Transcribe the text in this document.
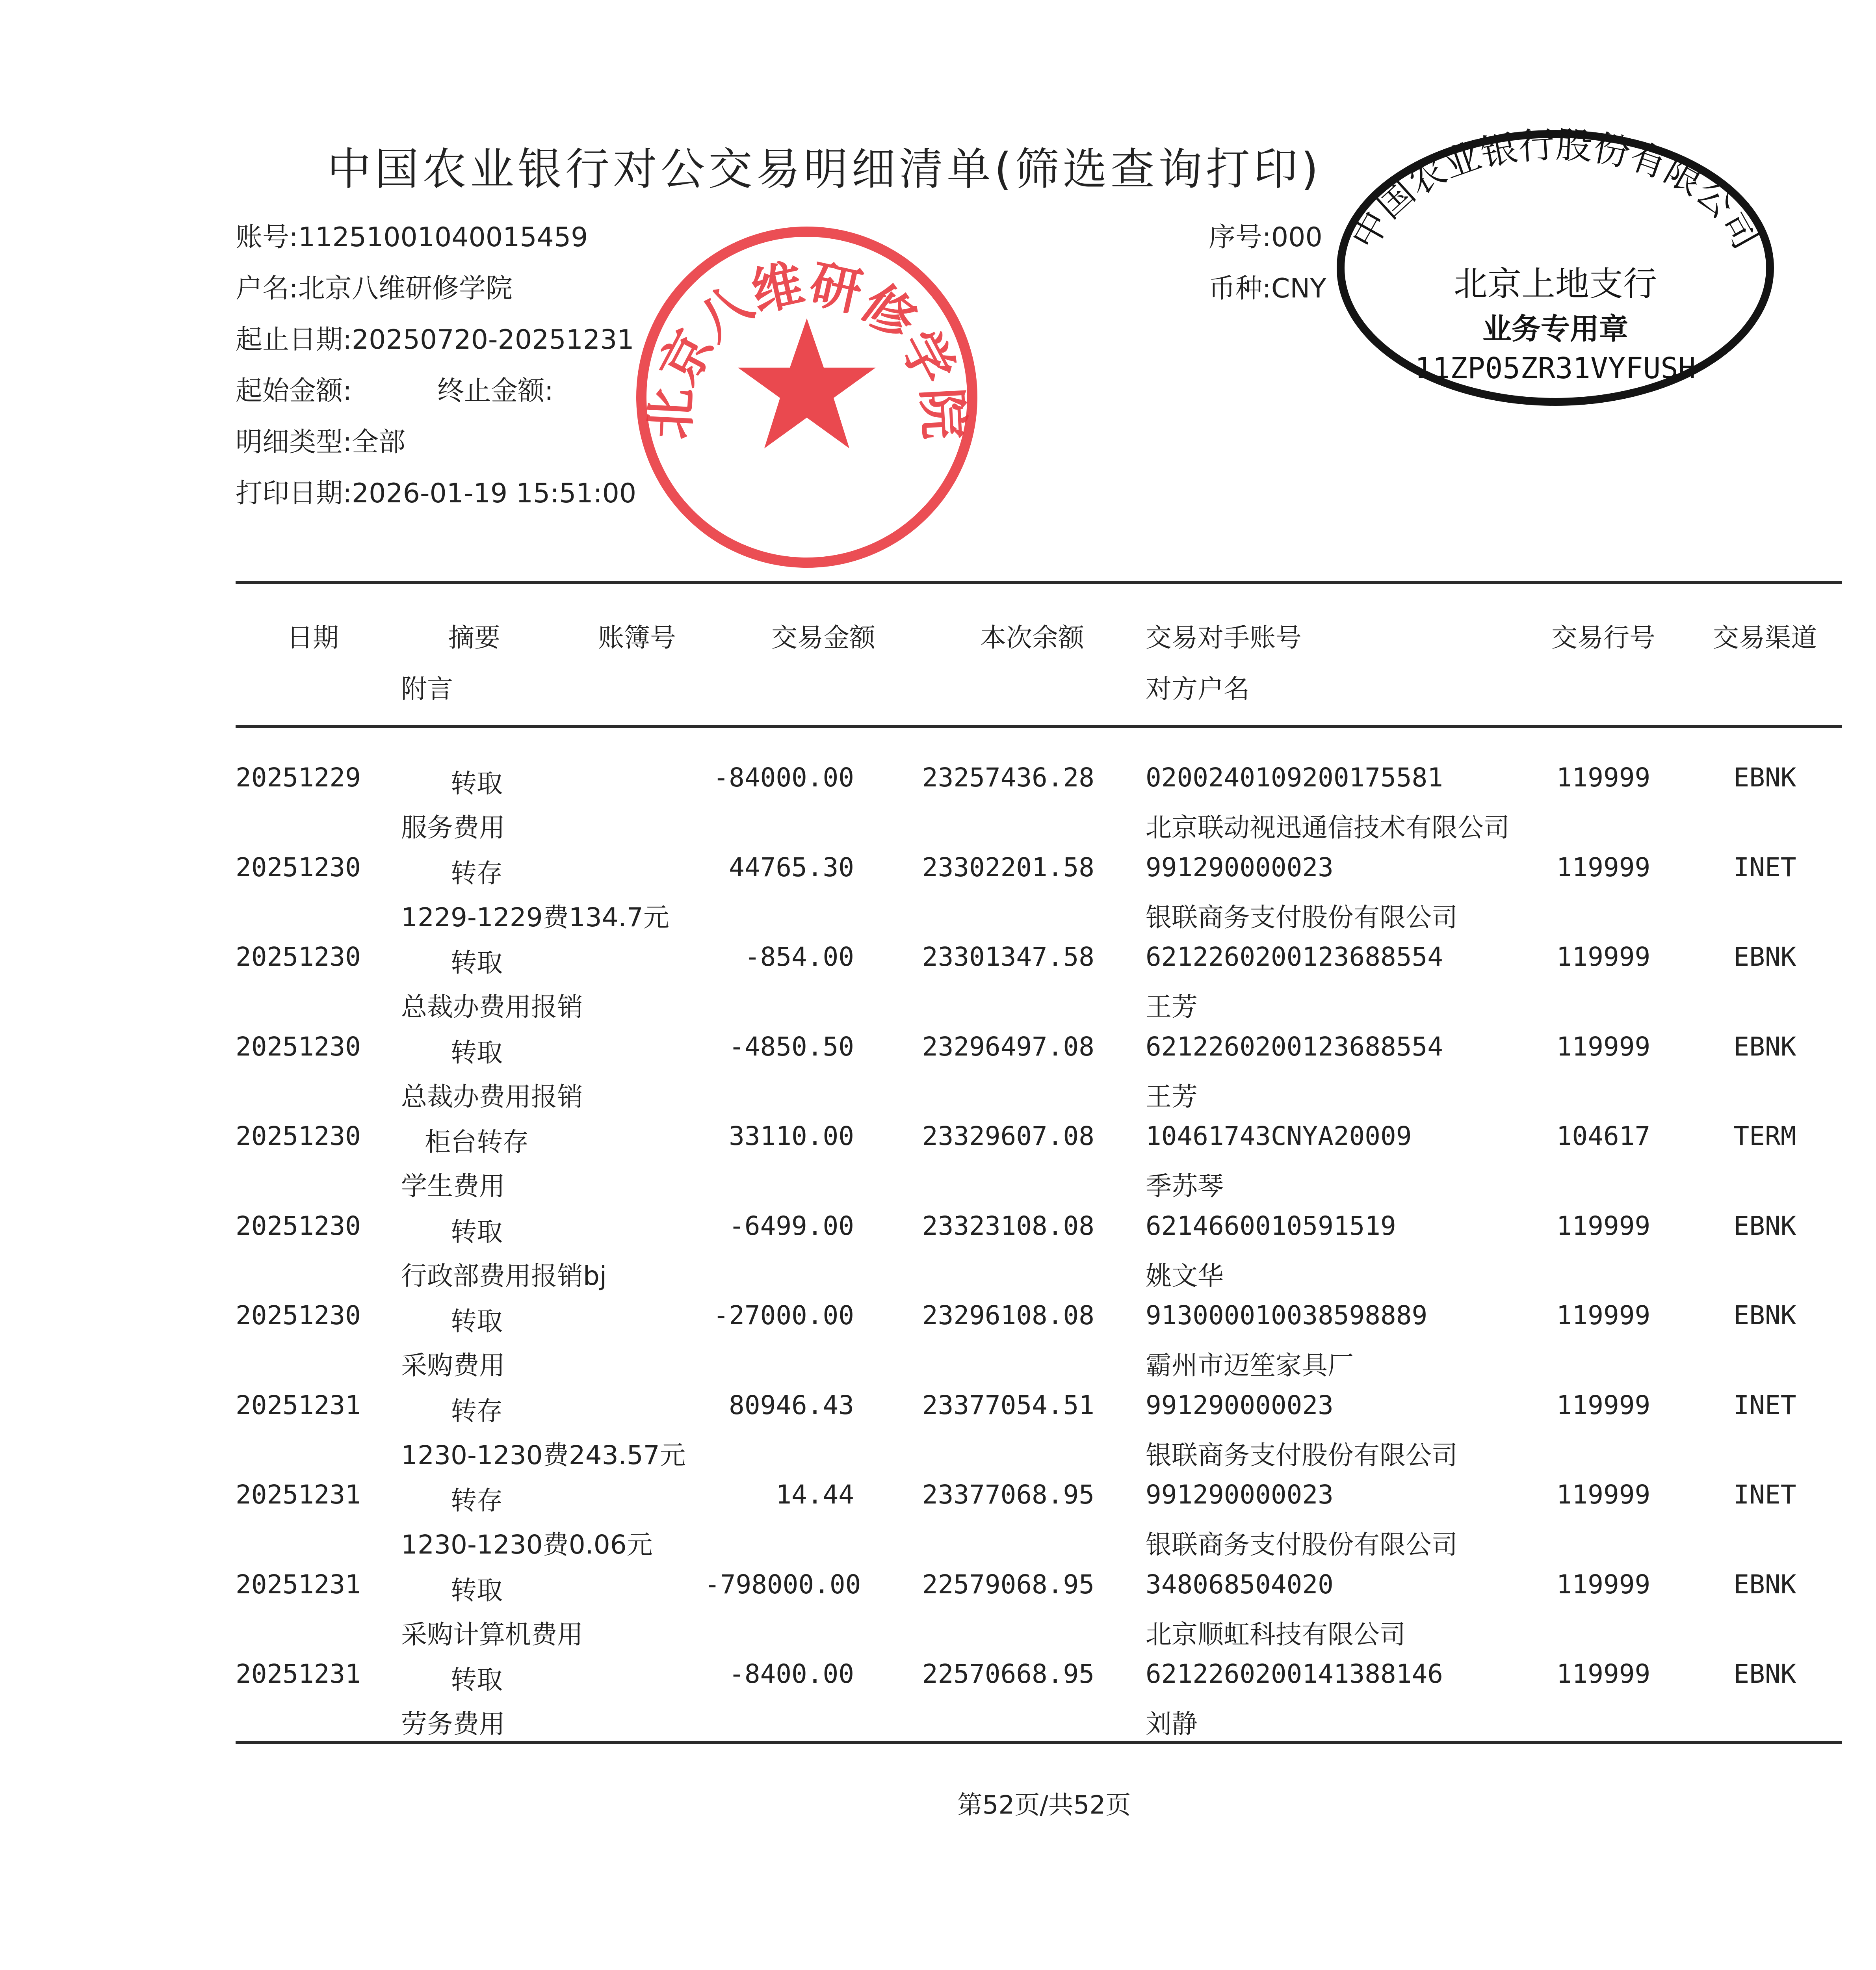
中国农业银行对公交易明细清单(筛选查询打印)
账号:11251001040015459
户名:北京八维研修学院
起止日期:20250720-20251231
起始金额:	终止金额:
明细类型:全部
打印日期:2026-01-19 15:51:00
序号:000
币种:CNY
北京八维研修学院
中国农业银行股份有限公司
北京上地支行
业务专用章
11ZP05ZR31VYFUSH
日期	摘要	账簿号	交易金额	本次余额 交易对手账号	交易行号 交易渠道
附言	对方户名
20251229	转取	-84000.00	23257436.28 0200240109200175581	119999	EBNK
服务费用	北京联动视迅通信技术有限公司
20251230	转存	44765.30	23302201.58 991290000023	119999	INET
1229-1229费134.7元	银联商务支付股份有限公司
20251230	转取	-854.00	23301347.58 6212260200123688554	119999	EBNK
总裁办费用报销	王芳
20251230	转取	-4850.50	23296497.08 6212260200123688554	119999	EBNK
总裁办费用报销	王芳
20251230	柜台转存	33110.00	23329607.08 10461743CNYA20009	104617	TERM
学生费用	季苏琴
20251230	转取	-6499.00	23323108.08 6214660010591519	119999	EBNK
行政部费用报销bj	姚文华
20251230	转取	-27000.00	23296108.08 913000010038598889	119999	EBNK
采购费用	霸州市迈笙家具厂
20251231	转存	80946.43	23377054.51 991290000023	119999	INET
1230-1230费243.57元	银联商务支付股份有限公司
20251231	转存	14.44	23377068.95 991290000023	119999	INET
1230-1230费0.06元	银联商务支付股份有限公司
20251231	转取	-798000.00	22579068.95 348068504020	119999	EBNK
采购计算机费用	北京顺虹科技有限公司
20251231	转取	-8400.00	22570668.95 6212260200141388146	119999	EBNK
劳务费用	刘静
第52页/共52页
